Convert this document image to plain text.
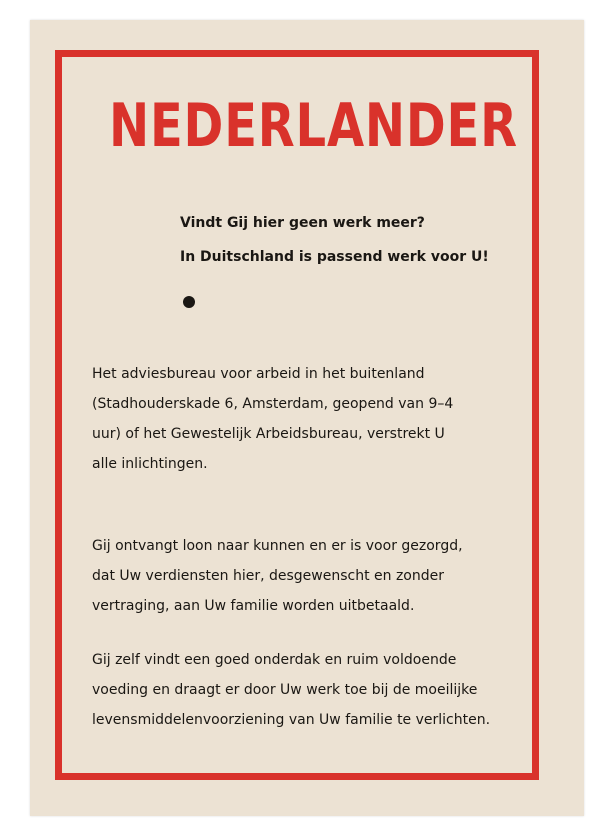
NEDERLANDER
Vindt Gij hier geen werk meer?
In Duitschland is passend werk voor U!
Het adviesbureau voor arbeid in het buitenland
(Stadhouderskade 6, Amsterdam, geopend van 9–4
uur) of het Gewestelijk Arbeidsbureau, verstrekt U
alle inlichtingen.
Gij ontvangt loon naar kunnen en er is voor gezorgd,
dat Uw verdiensten hier, desgewenscht en zonder
vertraging, aan Uw familie worden uitbetaald.
Gij zelf vindt een goed onderdak en ruim voldoende
voeding en draagt er door Uw werk toe bij de moeilijke
levensmiddelenvoorziening van Uw familie te verlichten.
